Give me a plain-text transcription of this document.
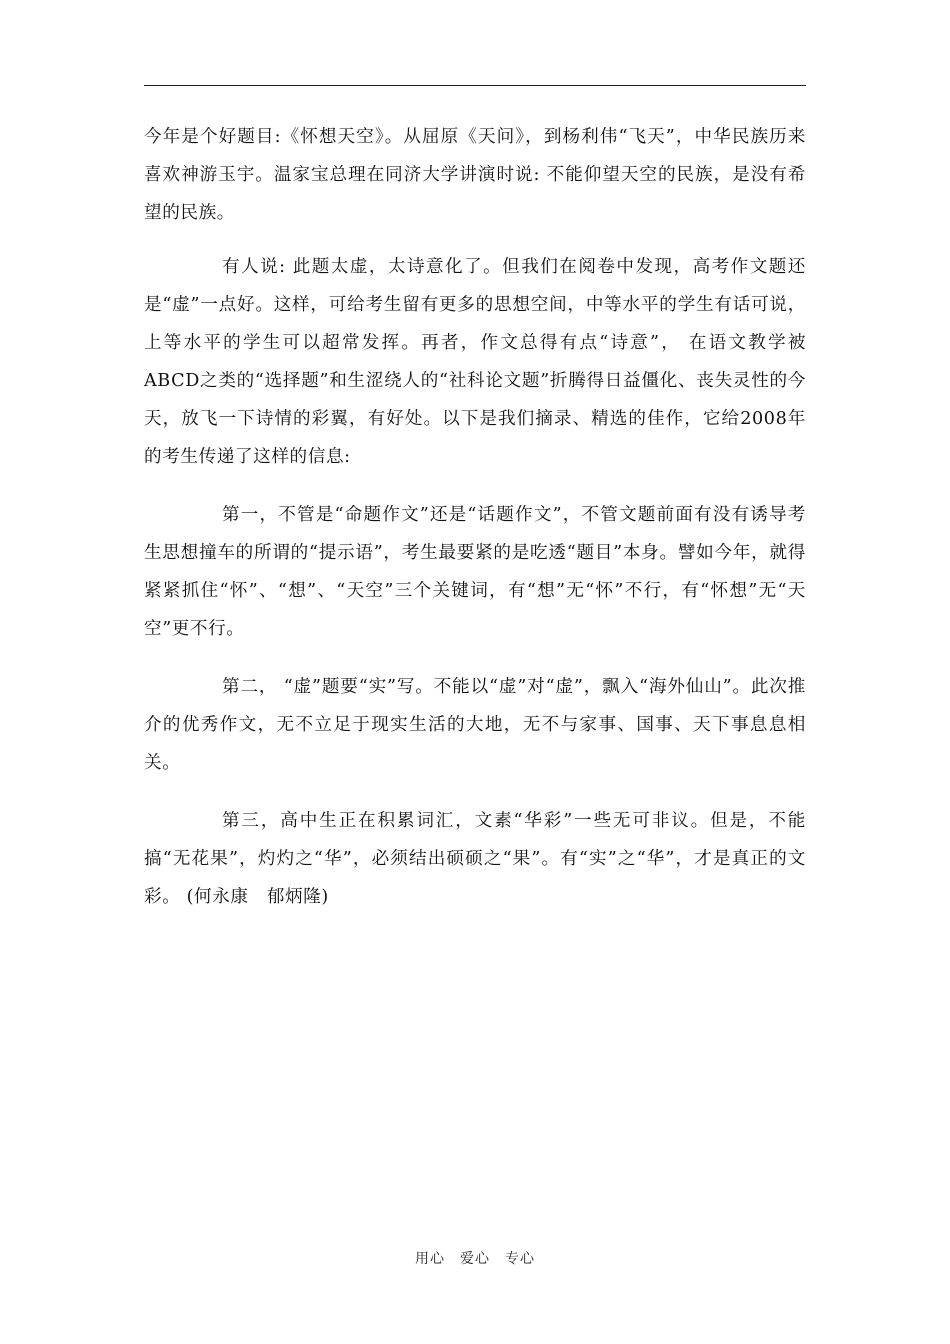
今年是个好题目:《怀想天空》。从屈原《天问》，到杨利伟“飞天”，中华民族历来喜欢神游玉宇。温家宝总理在同济大学讲演时说: 不能仰望天空的民族，是没有希望的民族。

有人说: 此题太虚，太诗意化了。但我们在阅卷中发现，高考作文题还是“虚”一点好。这样，可给考生留有更多的思想空间，中等水平的学生有话可说，上等水平的学生可以超常发挥。再者，作文总得有点“诗意”， 在语文教学被ABCD之类的“选择题”和生涩绕人的“社科论文题”折腾得日益僵化、丧失灵性的今天，放飞一下诗情的彩翼，有好处。以下是我们摘录、精选的佳作，它给2008年的考生传递了这样的信息:

第一，不管是“命题作文”还是“话题作文”，不管文题前面有没有诱导考生思想撞车的所谓的“提示语”，考生最要紧的是吃透“题目”本身。譬如今年，就得紧紧抓住“怀”、“想”、“天空”三个关键词，有“想”无“怀”不行，有“怀想”无“天空”更不行。

第二， “虚”题要“实”写。不能以“虚”对“虚”，飘入“海外仙山”。此次推介的优秀作文，无不立足于现实生活的大地，无不与家事、国事、天下事息息相关。

第三，高中生正在积累词汇，文素“华彩”一些无可非议。但是，不能搞“无花果”，灼灼之“华”，必须结出硕硕之“果”。有“实”之“华”，才是真正的文彩。 (何永康　郁炳隆)

用心　爱心　专心
